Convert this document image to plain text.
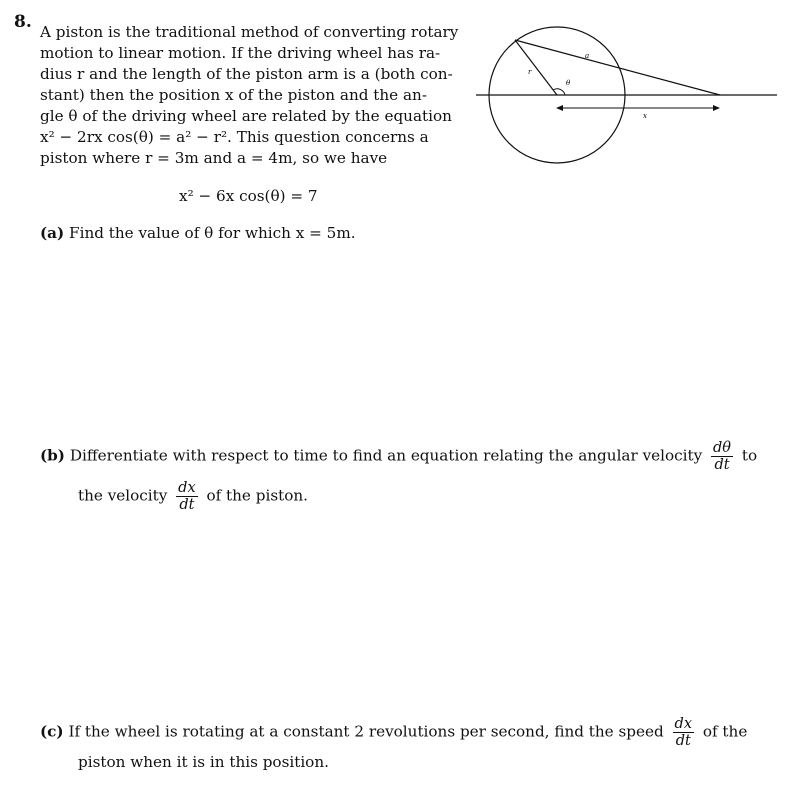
8. A piston is the traditional method of converting rotary
motion to linear motion. If the driving wheel has ra-
dius r and the length of the piston arm is a (both con-
stant) then the position x of the piston and the an-
gle θ of the driving wheel are related by the equation
x² − 2rx cos(θ) = a² − r². This question concerns a
piston where r = 3m and a = 4m, so we have
r
a
θ
x
x² − 6x cos(θ) = 7
(a) Find the value of θ for which x = 5m.
(b) Differentiate with respect to time to find an equation relating the angular velocity $\frac{d\theta}{dt}$ to
the velocity $\frac{dx}{dt}$ of the piston.
(c) If the wheel is rotating at a constant 2 revolutions per second, find the speed $\frac{dx}{dt}$ of the
piston when it is in this position.
